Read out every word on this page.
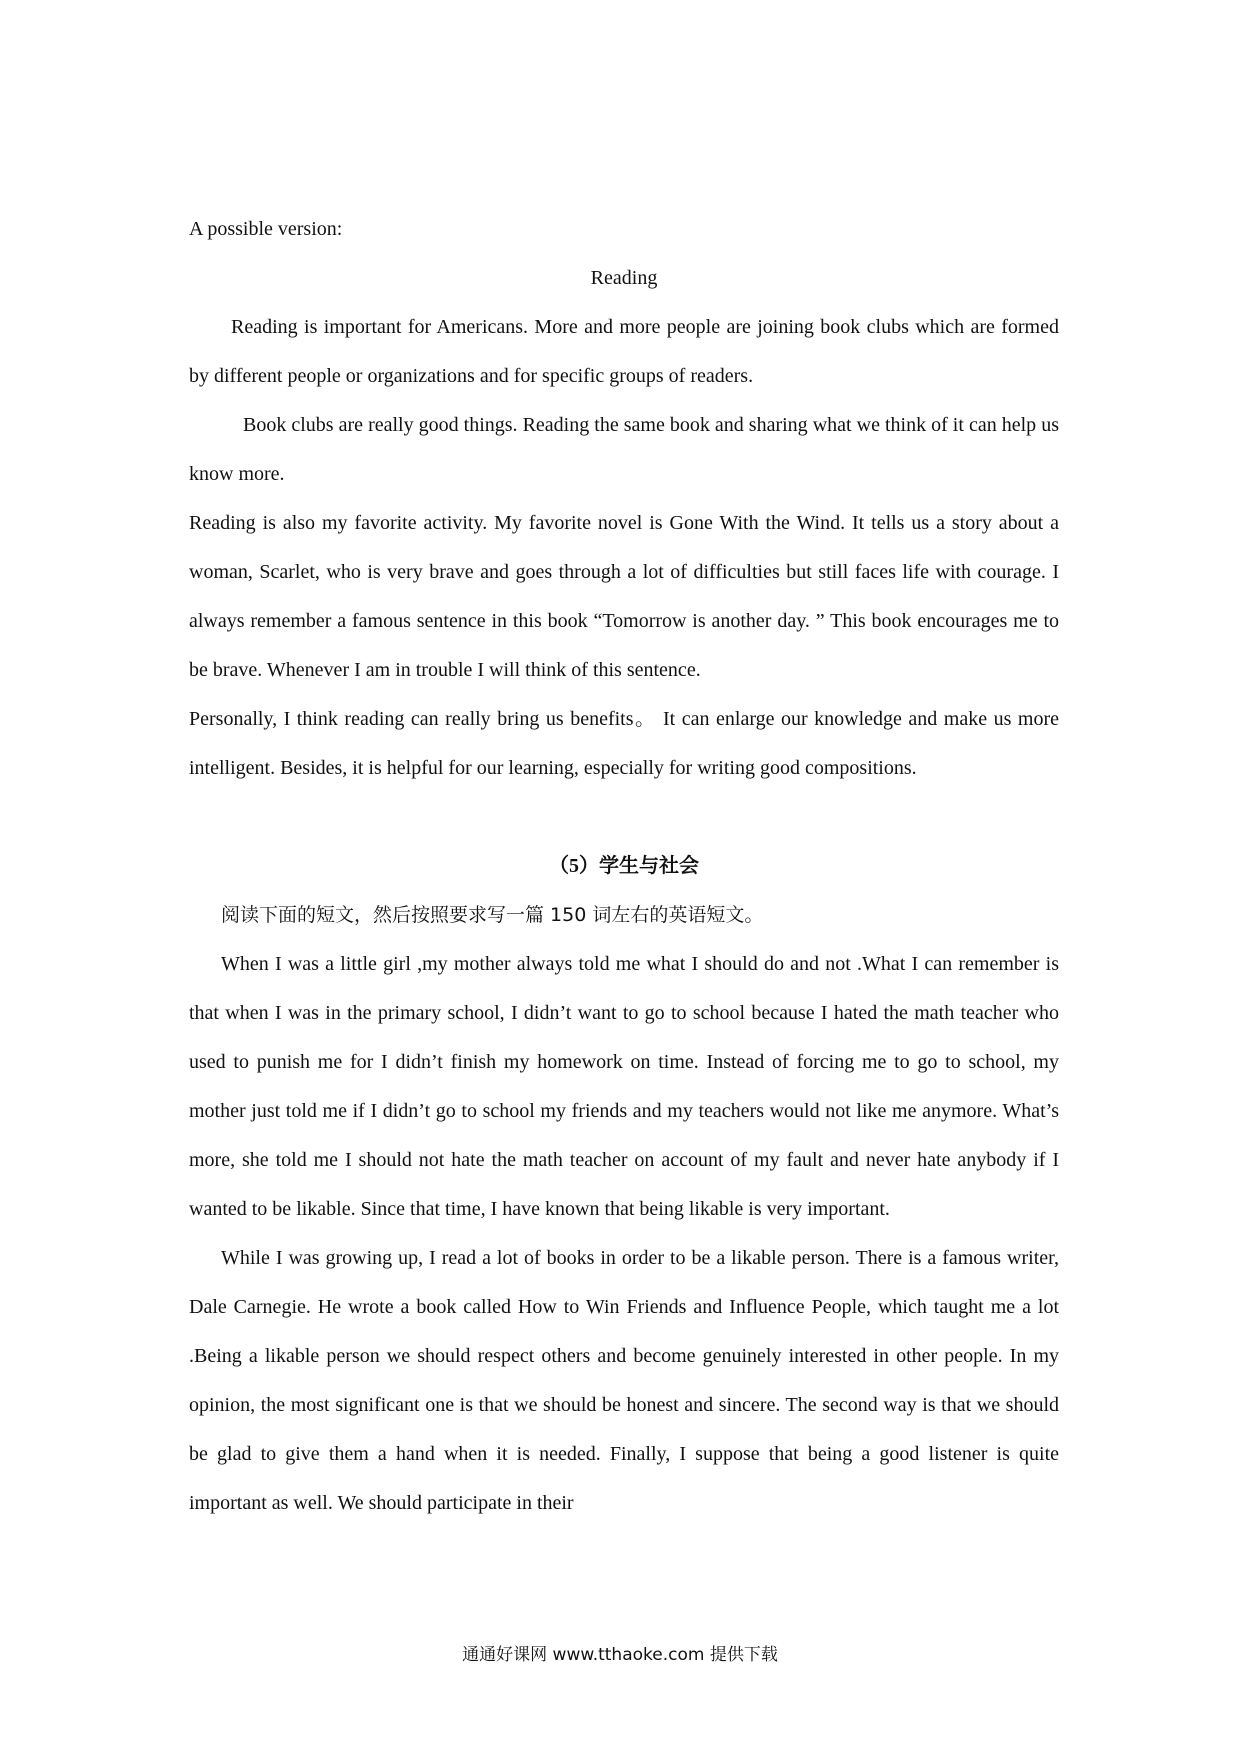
A possible version:

Reading

Reading is important for Americans. More and more people are joining book clubs which are formed by different people or organizations and for specific groups of readers.

Book clubs are really good things. Reading the same book and sharing what we think of it can help us know more.

Reading is also my favorite activity. My favorite novel is Gone With the Wind. It tells us a story about a woman, Scarlet, who is very brave and goes through a lot of difficulties but still faces life with courage. I always remember a famous sentence in this book “Tomorrow is another day. ” This book encourages me to be brave. Whenever I am in trouble I will think of this sentence.

Personally, I think reading can really bring us benefits。 It can enlarge our knowledge and make us more intelligent. Besides, it is helpful for our learning, especially for writing good compositions.

（5）学生与社会

阅读下面的短文，然后按照要求写一篇 150 词左右的英语短文。

When I was a little girl ,my mother always told me what I should do and not .What I can remember is that when I was in the primary school, I didn’t want to go to school because I hated the math teacher who used to punish me for I didn’t finish my homework on time. Instead of forcing me to go to school, my mother just told me if I didn’t go to school my friends and my teachers would not like me anymore. What’s more, she told me I should not hate the math teacher on account of my fault and never hate anybody if I wanted to be likable. Since that time, I have known that being likable is very important.

While I was growing up, I read a lot of books in order to be a likable person. There is a famous writer, Dale Carnegie. He wrote a book called How to Win Friends and Influence People, which taught me a lot .Being a likable person we should respect others and become genuinely interested in other people. In my opinion, the most significant one is that we should be honest and sincere. The second way is that we should be glad to give them a hand when it is needed. Finally, I suppose that being a good listener is quite important as well. We should participate in their

通通好课网 www.tthaoke.com 提供下载
